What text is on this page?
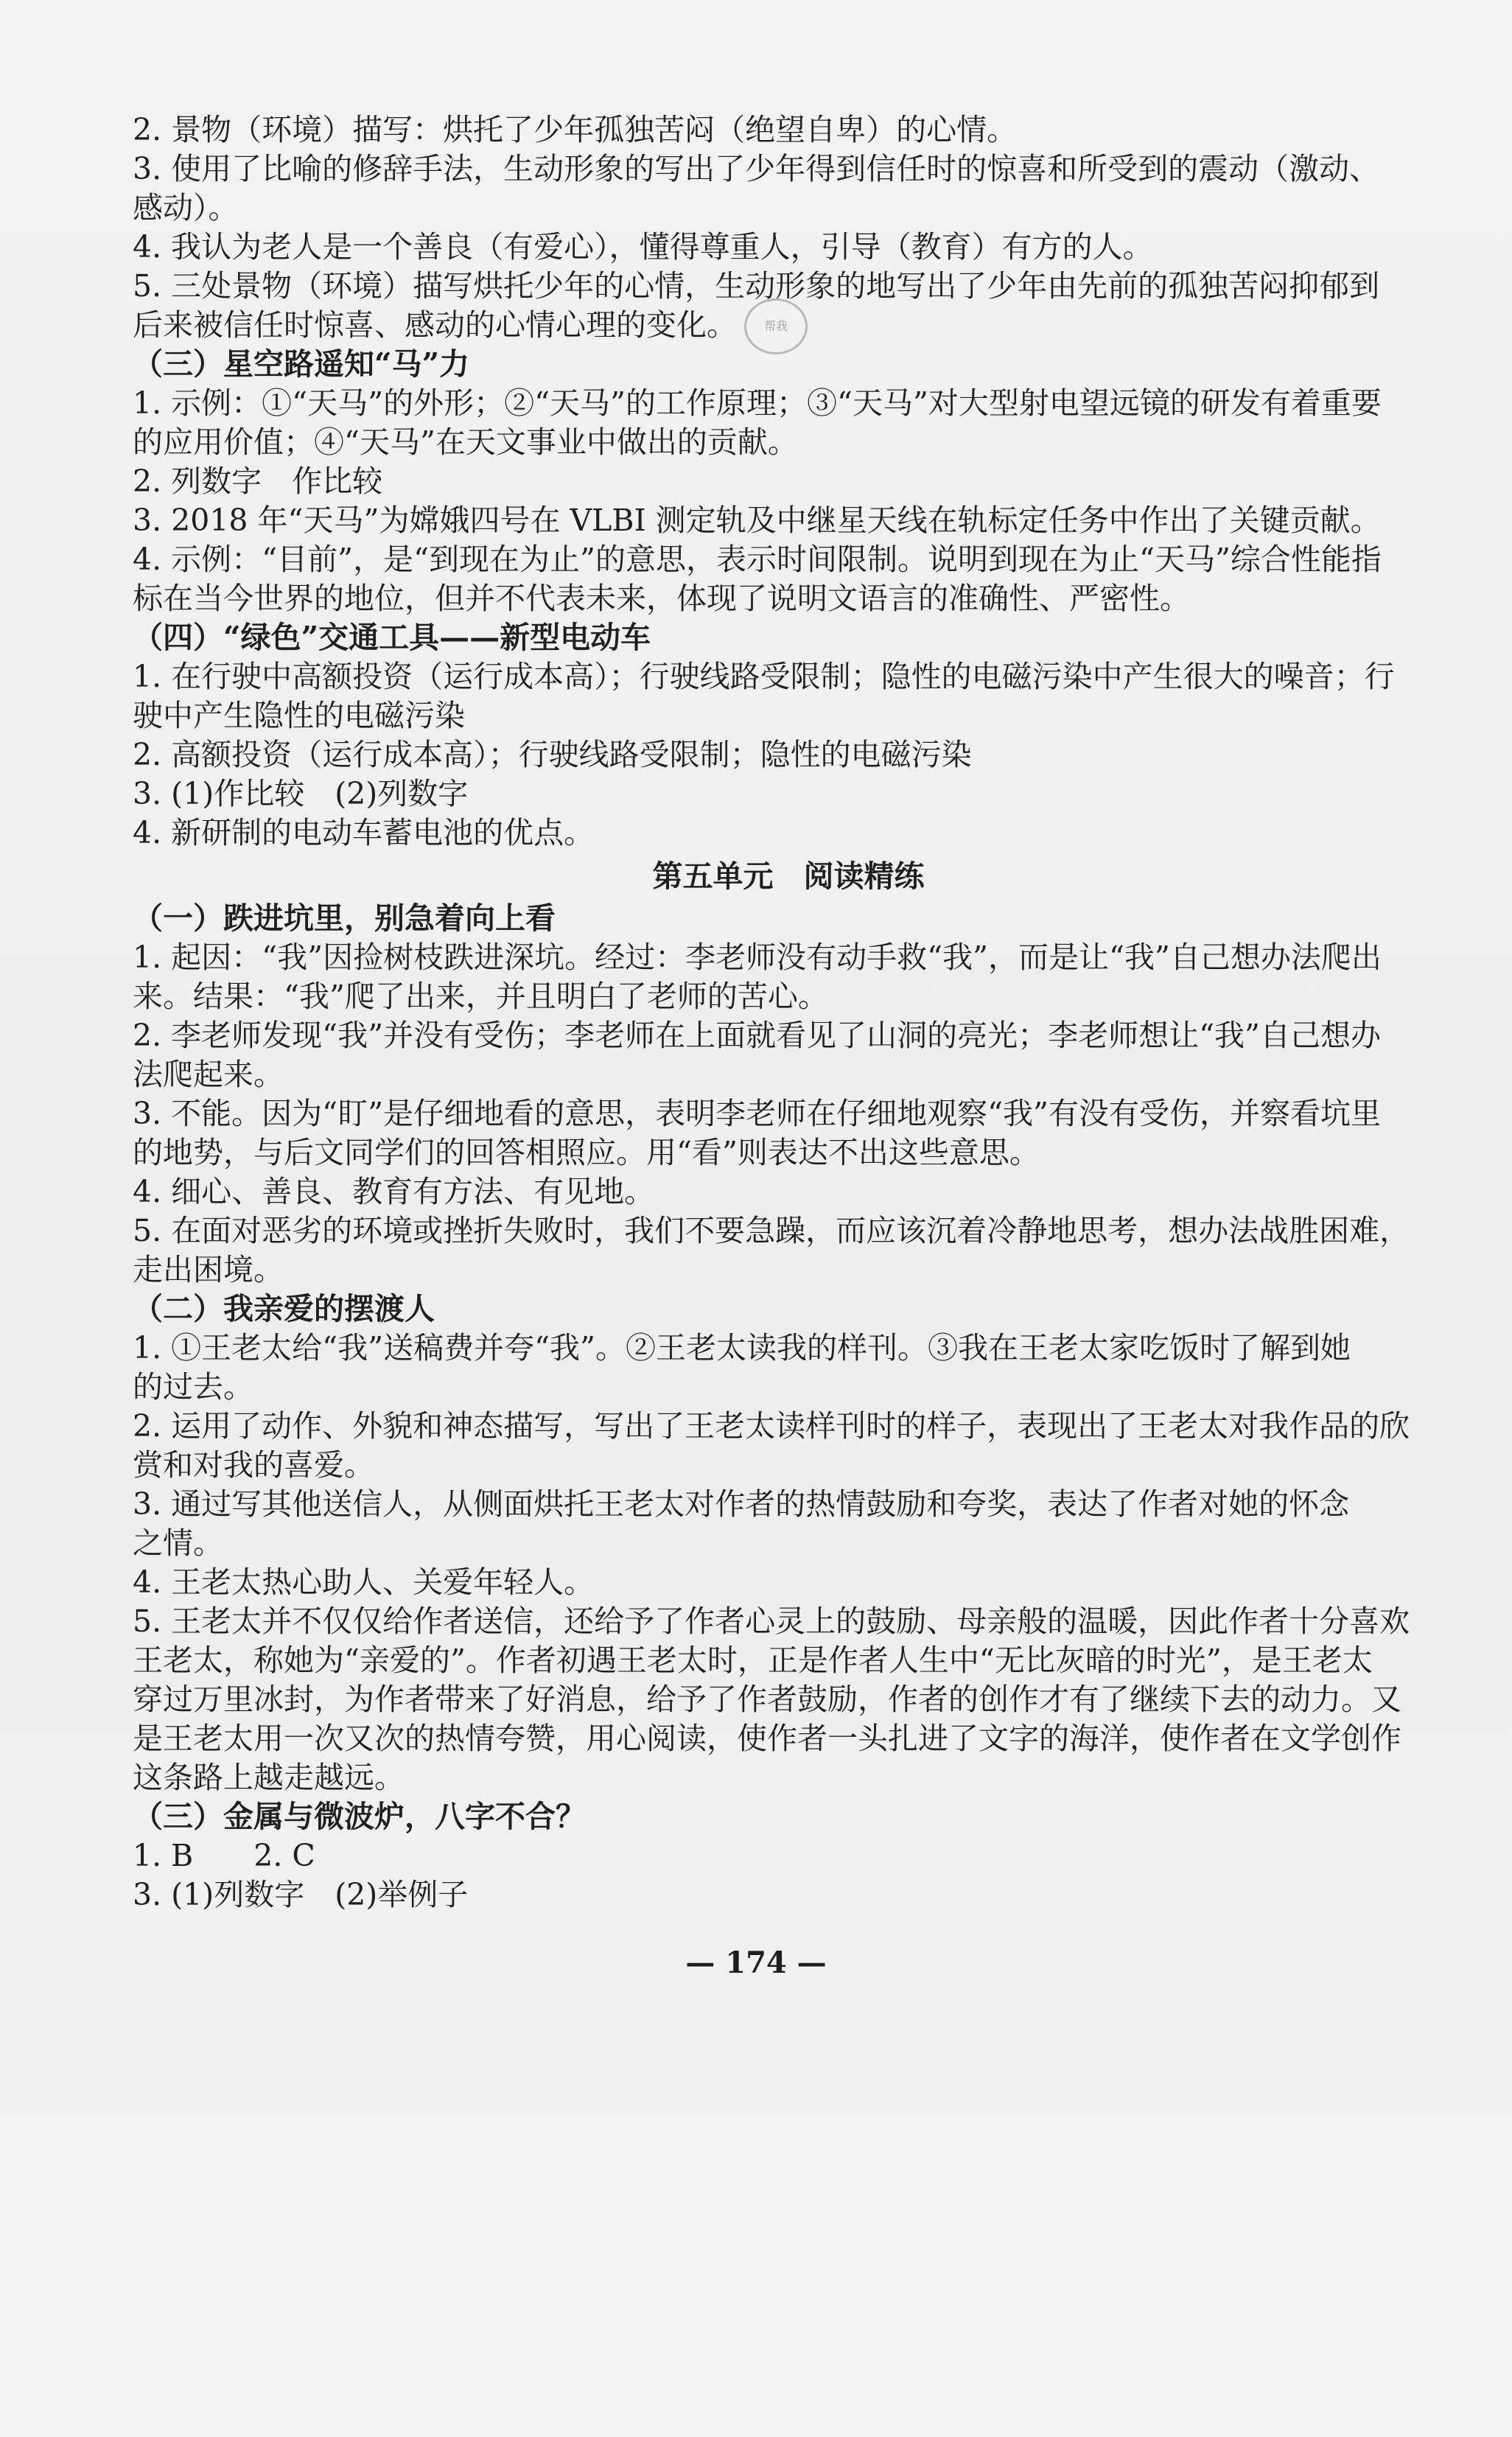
帮我
2. 景物（环境）描写：烘托了少年孤独苦闷（绝望自卑）的心情。
3. 使用了比喻的修辞手法，生动形象的写出了少年得到信任时的惊喜和所受到的震动（激动、
感动）。
4. 我认为老人是一个善良（有爱心），懂得尊重人，引导（教育）有方的人。
5. 三处景物（环境）描写烘托少年的心情，生动形象的地写出了少年由先前的孤独苦闷抑郁到
后来被信任时惊喜、感动的心情心理的变化。
（三）星空路遥知“马”力
1. 示例：①“天马”的外形；②“天马”的工作原理；③“天马”对大型射电望远镜的研发有着重要
的应用价值；④“天马”在天文事业中做出的贡献。
2. 列数字　作比较
3. 2018 年“天马”为嫦娥四号在 VLBI 测定轨及中继星天线在轨标定任务中作出了关键贡献。
4. 示例：“目前”，是“到现在为止”的意思，表示时间限制。说明到现在为止“天马”综合性能指
标在当今世界的地位，但并不代表未来，体现了说明文语言的准确性、严密性。
（四）“绿色”交通工具——新型电动车
1. 在行驶中高额投资（运行成本高）；行驶线路受限制；隐性的电磁污染中产生很大的噪音；行
驶中产生隐性的电磁污染
2. 高额投资（运行成本高）；行驶线路受限制；隐性的电磁污染
3. (1)作比较　(2)列数字
4. 新研制的电动车蓄电池的优点。
第五单元　阅读精练
（一）跌进坑里，别急着向上看
1. 起因：“我”因捡树枝跌进深坑。经过：李老师没有动手救“我”，而是让“我”自己想办法爬出
来。结果：“我”爬了出来，并且明白了老师的苦心。
2. 李老师发现“我”并没有受伤；李老师在上面就看见了山洞的亮光；李老师想让“我”自己想办
法爬起来。
3. 不能。因为“盯”是仔细地看的意思，表明李老师在仔细地观察“我”有没有受伤，并察看坑里
的地势，与后文同学们的回答相照应。用“看”则表达不出这些意思。
4. 细心、善良、教育有方法、有见地。
5. 在面对恶劣的环境或挫折失败时，我们不要急躁，而应该沉着冷静地思考，想办法战胜困难，
走出困境。
（二）我亲爱的摆渡人
1. ①王老太给“我”送稿费并夸“我”。②王老太读我的样刊。③我在王老太家吃饭时了解到她
的过去。
2. 运用了动作、外貌和神态描写，写出了王老太读样刊时的样子，表现出了王老太对我作品的欣
赏和对我的喜爱。
3. 通过写其他送信人，从侧面烘托王老太对作者的热情鼓励和夸奖，表达了作者对她的怀念
之情。
4. 王老太热心助人、关爱年轻人。
5. 王老太并不仅仅给作者送信，还给予了作者心灵上的鼓励、母亲般的温暖，因此作者十分喜欢
王老太，称她为“亲爱的”。作者初遇王老太时，正是作者人生中“无比灰暗的时光”，是王老太
穿过万里冰封，为作者带来了好消息，给予了作者鼓励，作者的创作才有了继续下去的动力。又
是王老太用一次又次的热情夸赞，用心阅读，使作者一头扎进了文字的海洋，使作者在文学创作
这条路上越走越远。
（三）金属与微波炉，八字不合？
1. B　　2. C
3. (1)列数字　(2)举例子
— 174 —
